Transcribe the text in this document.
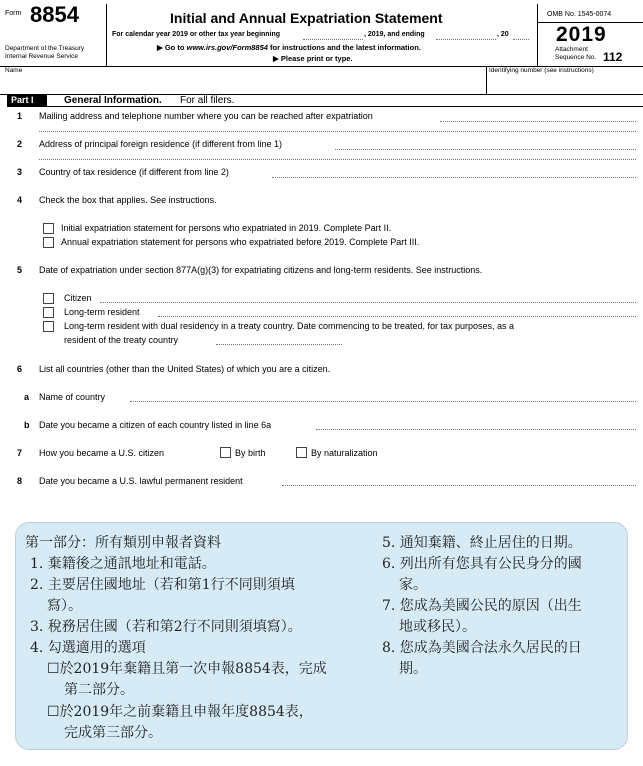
Form 8854
Department of the Treasury
Internal Revenue Service
Initial and Annual Expatriation Statement
For calendar year 2019 or other tax year beginning	, 2019, and ending	, 20
▶ Go to www.irs.gov/Form8854 for instructions and the latest information.
▶ Please print or type.
OMB No. 1545-0074
2019
Attachment
Sequence No. 112
Name	Identifying number (see instructions)
Part I	General Information. For all filers.
1 Mailing address and telephone number where you can be reached after expatriation
2 Address of principal foreign residence (if different from line 1)
3 Country of tax residence (if different from line 2)
4 Check the box that applies. See instructions.
Initial expatriation statement for persons who expatriated in 2019. Complete Part II.
Annual expatriation statement for persons who expatriated before 2019. Complete Part III.
5 Date of expatriation under section 877A(g)(3) for expatriating citizens and long-term residents. See instructions.
Citizen
Long-term resident
Long-term resident with dual residency in a treaty country. Date commencing to be treated, for tax purposes, as a
resident of the treaty country
6 List all countries (other than the United States) of which you are a citizen.
a Name of country
b Date you became a citizen of each country listed in line 6a
7 How you became a U.S. citizen	By birth	By naturalization
8 Date you became a U.S. lawful permanent resident
第一部分：所有類別申報者資料
1. 棄籍後之通訊地址和電話。
2. 主要居住國地址（若和第1行不同則須填
寫）。
3. 稅務居住國（若和第2行不同則須填寫）。
4. 勾選適用的選項
☐於2019年棄籍且第一次申報8854表，完成
第二部分。
☐於2019年之前棄籍且申報年度8854表，
完成第三部分。
5. 通知棄籍、終止居住的日期。
6. 列出所有您具有公民身分的國
家。
7. 您成為美國公民的原因（出生
地或移民）。
8. 您成為美國合法永久居民的日
期。
